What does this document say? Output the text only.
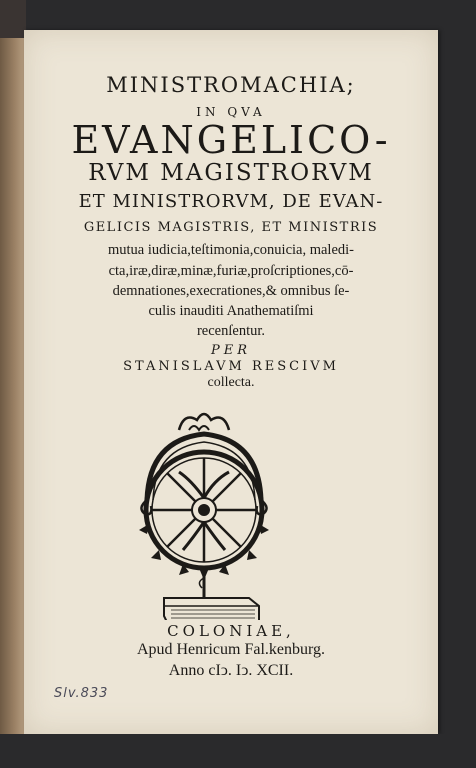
MINISTROMACHIA;
IN QVA
EVANGELICO-
RVM MAGISTRORVM
ET MINISTRORVM, DE EVAN-
GELICIS MAGISTRIS, ET MINISTRIS
mutua iudicia,teſtimonia,conuicia, maledi-
cta,iræ,diræ,minæ,furiæ,proſcriptiones,cō-
demnationes,execrationes,& omnibus ſe-
culis inauditi Anathematiſmi
recenſentur.
PER
STANISLAVM RESCIVM
collecta.
COLONIAE,
Apud Henricum Fal.kenburg.
Anno cIↄ. Iↄ. XCII.
Slv.833
